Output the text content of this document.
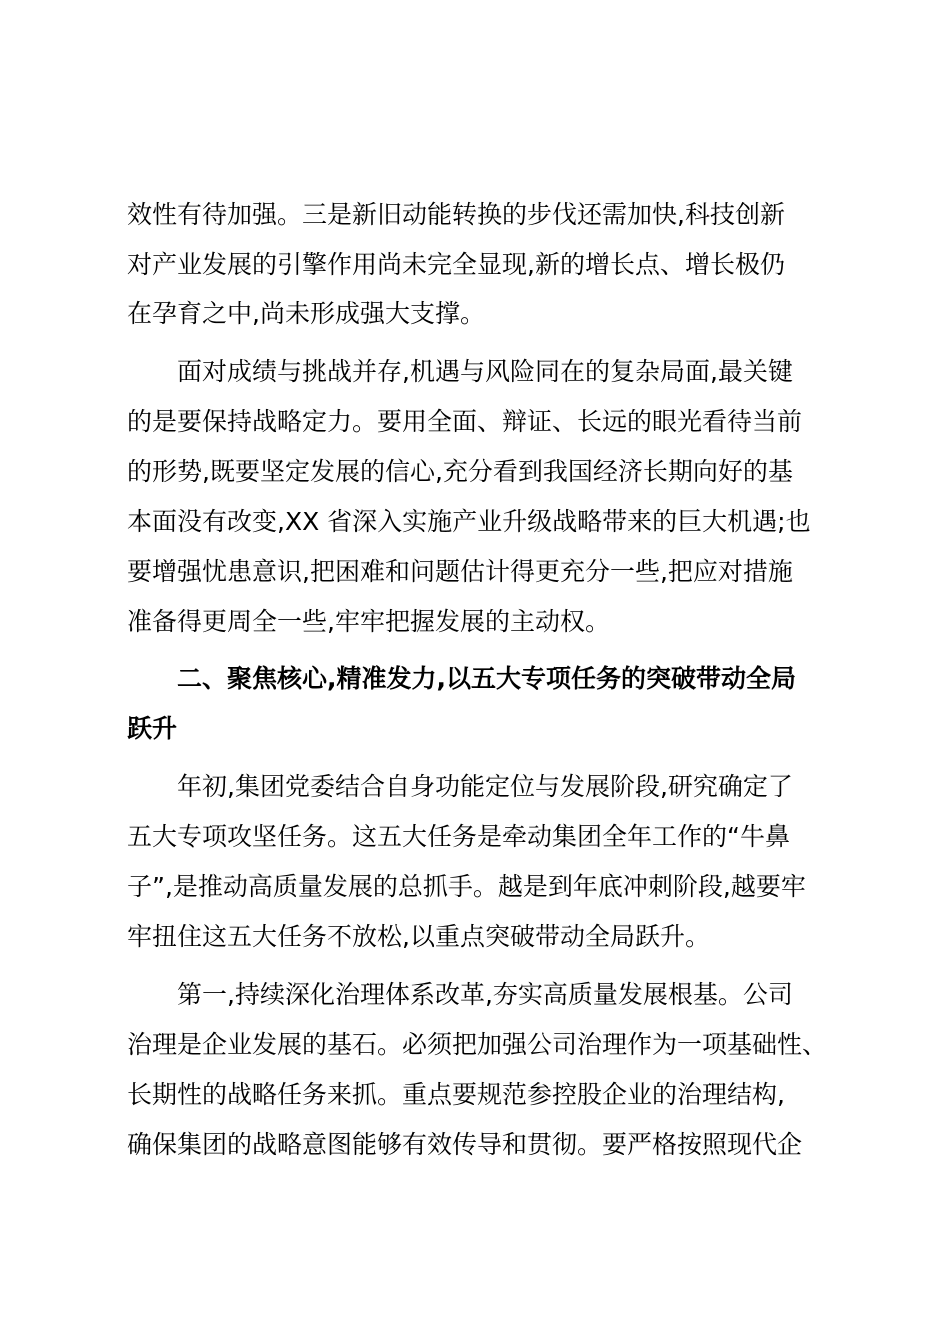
效性有待加强。三是新旧动能转换的步伐还需加快,科技创新
对产业发展的引擎作用尚未完全显现,新的增长点、增长极仍
在孕育之中,尚未形成强大支撑。
面对成绩与挑战并存,机遇与风险同在的复杂局面,最关键
的是要保持战略定力。要用全面、辩证、长远的眼光看待当前
的形势,既要坚定发展的信心,充分看到我国经济长期向好的基
本面没有改变,XX 省深入实施产业升级战略带来的巨大机遇;也
要增强忧患意识,把困难和问题估计得更充分一些,把应对措施
准备得更周全一些,牢牢把握发展的主动权。
二、聚焦核心,精准发力,以五大专项任务的突破带动全局
跃升
年初,集团党委结合自身功能定位与发展阶段,研究确定了
五大专项攻坚任务。这五大任务是牵动集团全年工作的“牛鼻
子”,是推动高质量发展的总抓手。越是到年底冲刺阶段,越要牢
牢扭住这五大任务不放松,以重点突破带动全局跃升。
第一,持续深化治理体系改革,夯实高质量发展根基。公司
治理是企业发展的基石。必须把加强公司治理作为一项基础性、
长期性的战略任务来抓。重点要规范参控股企业的治理结构,
确保集团的战略意图能够有效传导和贯彻。要严格按照现代企
